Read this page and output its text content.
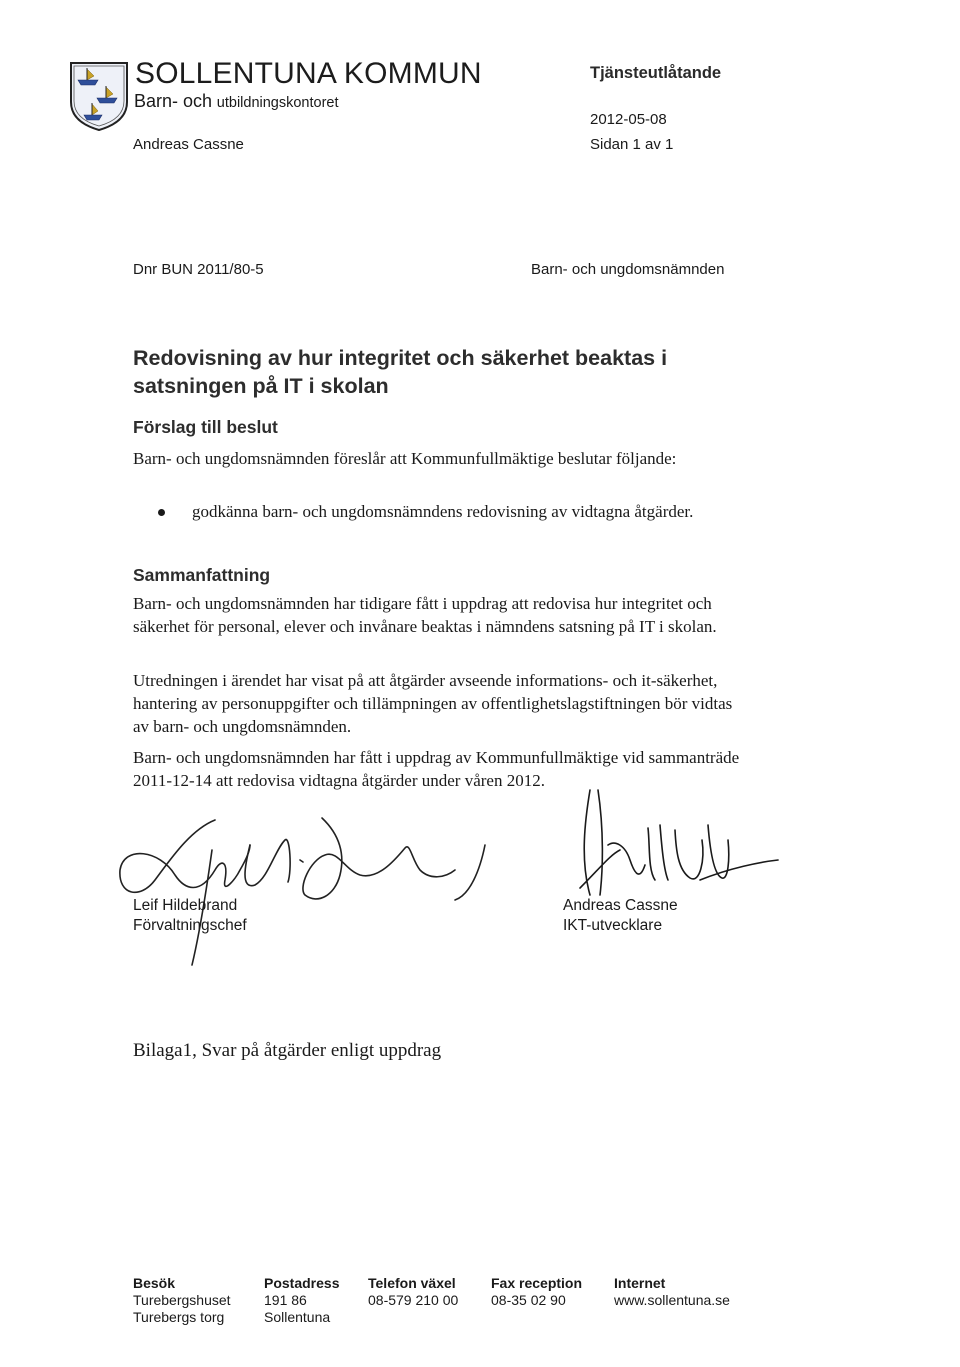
SOLLENTUNA KOMMUN
Barn- och utbildningskontoret
Andreas Cassne
Tjänsteutlåtande
2012-05-08
Sidan 1 av 1
Dnr BUN 2011/80-5	Barn- och ungdomsnämnden
Redovisning av hur integritet och säkerhet beaktas i
satsningen på IT i skolan
Förslag till beslut

Barn- och ungdomsnämnden föreslår att Kommunfullmäktige beslutar följande:

godkänna barn- och ungdomsnämndens redovisning av vidtagna åtgärder.
Sammanfattning

Barn- och ungdomsnämnden har tidigare fått i uppdrag att redovisa hur integritet och säkerhet för personal, elever och invånare beaktas i nämndens satsning på IT i skolan.

Utredningen i ärendet har visat på att åtgärder avseende informations- och it-säkerhet, hantering av personuppgifter och tillämpningen av offentlighetslagstiftningen bör vidtas av barn- och ungdomsnämnden.

Barn- och ungdomsnämnden har fått i uppdrag av Kommunfullmäktige vid sammanträde 2011-12-14 att redovisa vidtagna åtgärder under våren 2012.

Leif Hildebrand
Förvaltningschef
Andreas Cassne
IKT-utvecklare
Bilaga1, Svar på åtgärder enligt uppdrag
Besök
Turebergshuset
Turebergs torg
Postadress
191 86
Sollentuna
Telefon växel
08-579 210 00
Fax reception
08-35 02 90
Internet
www.sollentuna.se
